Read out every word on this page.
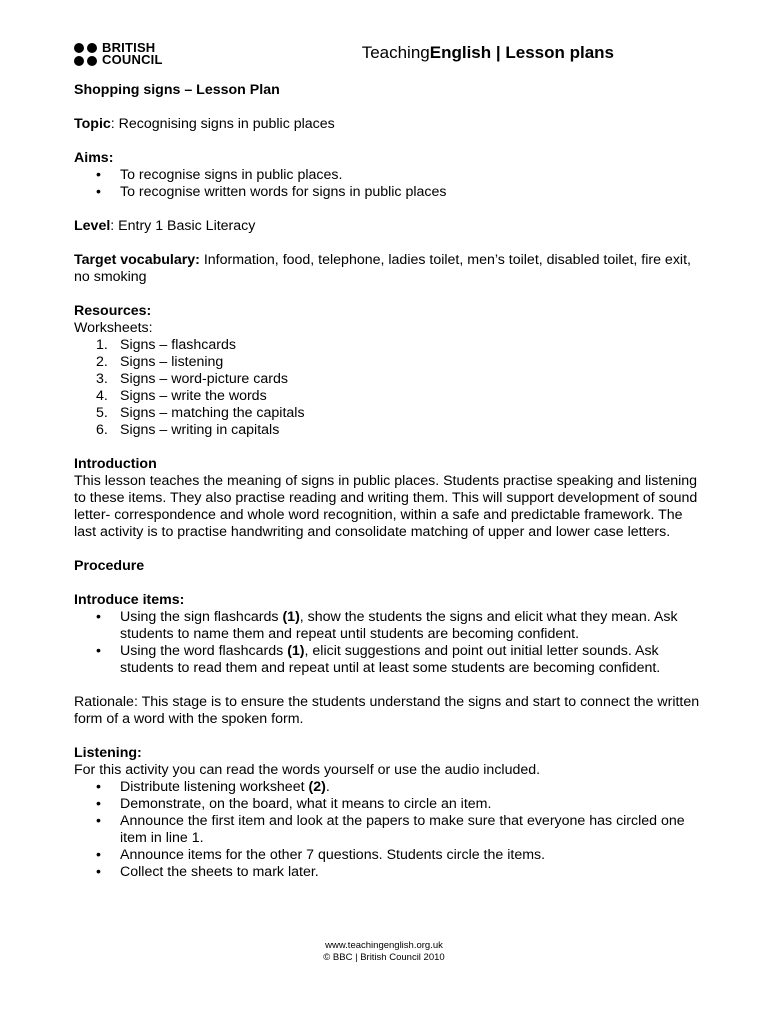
BRITISH
COUNCIL	TeachingEnglish | Lesson plans

Shopping signs – Lesson Plan

Topic: Recognising signs in public places

Aims:

• To recognise signs in public places.
• To recognise written words for signs in public places

Level: Entry 1 Basic Literacy

Target vocabulary: Information, food, telephone, ladies toilet, men’s toilet, disabled toilet, fire exit, no smoking

Resources:

Worksheets:

1. Signs – flashcards
2. Signs – listening
3. Signs – word-picture cards
4. Signs – write the words
5. Signs – matching the capitals
6. Signs – writing in capitals

Introduction

This lesson teaches the meaning of signs in public places. Students practise speaking and listening to these items. They also practise reading and writing them. This will support development of sound letter- correspondence and whole word recognition, within a safe and predictable framework. The last activity is to practise handwriting and consolidate matching of upper and lower case letters.

Procedure

Introduce items:

• Using the sign flashcards (1), show the students the signs and elicit what they mean. Ask students to name them and repeat until students are becoming confident.
• Using the word flashcards (1), elicit suggestions and point out initial letter sounds. Ask students to read them and repeat until at least some students are becoming confident.

Rationale: This stage is to ensure the students understand the signs and start to connect the written form of a word with the spoken form.

Listening:

For this activity you can read the words yourself or use the audio included.

• Distribute listening worksheet (2).
• Demonstrate, on the board, what it means to circle an item.
• Announce the first item and look at the papers to make sure that everyone has circled one item in line 1.
• Announce items for the other 7 questions. Students circle the items.
• Collect the sheets to mark later.
www.teachingenglish.org.uk
© BBC | British Council 2010
